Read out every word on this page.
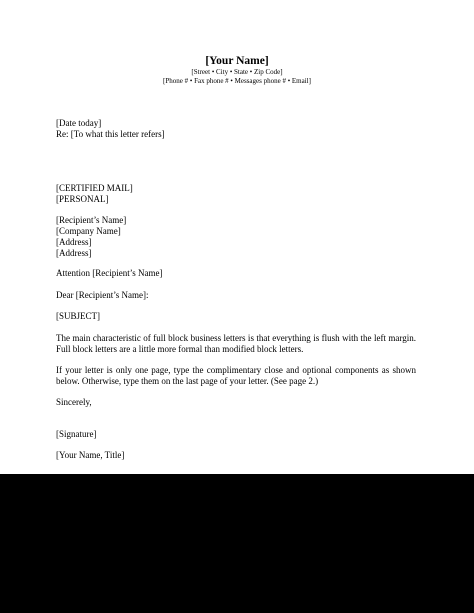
[Your Name]
[Street • City • State • Zip Code]
[Phone # • Fax phone # • Messages phone # • Email]
[Date today]
Re: [To what this letter refers]
[CERTIFIED MAIL]
[PERSONAL]
[Recipient’s Name]
[Company Name]
[Address]
[Address]
Attention [Recipient’s Name]
Dear [Recipient’s Name]:
[SUBJECT]
The main characteristic of full block business letters is that everything is flush with the left margin. Full block letters are a little more formal than modified block letters.
If your letter is only one page, type the complimentary close and optional components as shown below. Otherwise, type them on the last page of your letter. (See page 2.)
Sincerely,
[Signature]
[Your Name, Title]
